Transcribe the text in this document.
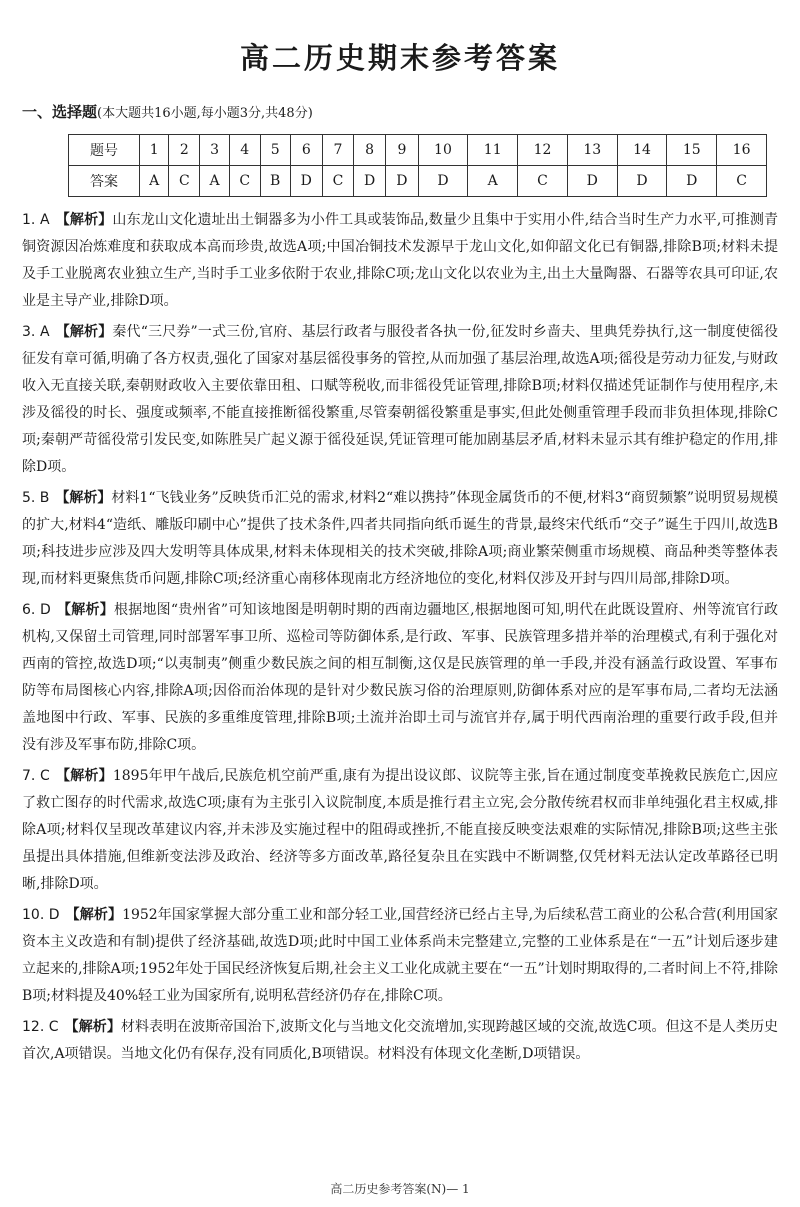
高二历史期末参考答案
一、选择题(本大题共16小题,每小题3分,共48分)
题号	1	2	3	4	5	6	7	8	9	10	11	12	13	14	15	16
答案	A	C	A	C	B	D	C	D	D	D	A	C	D	D	D	C
1. A 【 解析 】 山东龙山文化遗址出土铜器多为小件工具或装饰品,数量少且集中于实用小件,结合当时生产力水平,可推测青铜资源因冶炼难度和获取成本高而珍贵,故选A项;中国冶铜技术发源早于龙山文化,如仰韶文化已有铜器,排除B项;材料未提及手工业脱离农业独立生产,当时手工业多依附于农业,排除C项;龙山文化以农业为主,出土大量陶器、石器等农具可印证,农业是主导产业,排除D项。
3. A 【 解析 】 秦代“三尺券”一式三份,官府、基层行政者与服役者各执一份,征发时乡啬夫、里典凭券执行,这一制度使徭役征发有章可循,明确了各方权责,强化了国家对基层徭役事务的管控,从而加强了基层治理,故选A项;徭役是劳动力征发,与财政收入无直接关联,秦朝财政收入主要依靠田租、口赋等税收,而非徭役凭证管理,排除B项;材料仅描述凭证制作与使用程序,未涉及徭役的时长、强度或频率,不能直接推断徭役繁重,尽管秦朝徭役繁重是事实,但此处侧重管理手段而非负担体现,排除C项;秦朝严苛徭役常引发民变,如陈胜吴广起义源于徭役延误,凭证管理可能加剧基层矛盾,材料未显示其有维护稳定的作用,排除D项。
5. B 【 解析 】 材料1“飞钱业务”反映货币汇兑的需求,材料2“难以携持”体现金属货币的不便,材料3“商贸频繁”说明贸易规模的扩大,材料4“造纸、雕版印刷中心”提供了技术条件,四者共同指向纸币诞生的背景,最终宋代纸币“交子”诞生于四川,故选B项;科技进步应涉及四大发明等具体成果,材料未体现相关的技术突破,排除A项;商业繁荣侧重市场规模、商品种类等整体表现,而材料更聚焦货币问题,排除C项;经济重心南移体现南北方经济地位的变化,材料仅涉及开封与四川局部,排除D项。
6. D 【 解析 】 根据地图“贵州省”可知该地图是明朝时期的西南边疆地区,根据地图可知,明代在此既设置府、州等流官行政机构,又保留土司管理,同时部署军事卫所、巡检司等防御体系,是行政、军事、民族管理多措并举的治理模式,有利于强化对西南的管控,故选D项;“以夷制夷”侧重少数民族之间的相互制衡,这仅是民族管理的单一手段,并没有涵盖行政设置、军事布防等布局图核心内容,排除A项;因俗而治体现的是针对少数民族习俗的治理原则,防御体系对应的是军事布局,二者均无法涵盖地图中行政、军事、民族的多重维度管理,排除B项;土流并治即土司与流官并存,属于明代西南治理的重要行政手段,但并没有涉及军事布防,排除C项。
7. C 【 解析 】 1895年甲午战后,民族危机空前严重,康有为提出设议郎、议院等主张,旨在通过制度变革挽救民族危亡,因应了救亡图存的时代需求,故选C项;康有为主张引入议院制度,本质是推行君主立宪,会分散传统君权而非单纯强化君主权威,排除A项;材料仅呈现改革建议内容,并未涉及实施过程中的阻碍或挫折,不能直接反映变法艰难的实际情况,排除B项;这些主张虽提出具体措施,但维新变法涉及政治、经济等多方面改革,路径复杂且在实践中不断调整,仅凭材料无法认定改革路径已明晰,排除D项。
10. D 【 解析 】 1952年国家掌握大部分重工业和部分轻工业,国营经济已经占主导,为后续私营工商业的公私合营(利用国家资本主义改造和有制)提供了经济基础,故选D项;此时中国工业体系尚未完整建立,完整的工业体系是在“一五”计划后逐步建立起来的,排除A项;1952年处于国民经济恢复后期,社会主义工业化成就主要在“一五”计划时期取得的,二者时间上不符,排除B项;材料提及40%轻工业为国家所有,说明私营经济仍存在,排除C项。
12. C 【 解析 】 材料表明在波斯帝国治下,波斯文化与当地文化交流增加,实现跨越区域的交流,故选C项。但这不是人类历史首次,A项错误。当地文化仍有保存,没有同质化,B项错误。材料没有体现文化垄断,D项错误。
高二历史参考答案(N)— 1
